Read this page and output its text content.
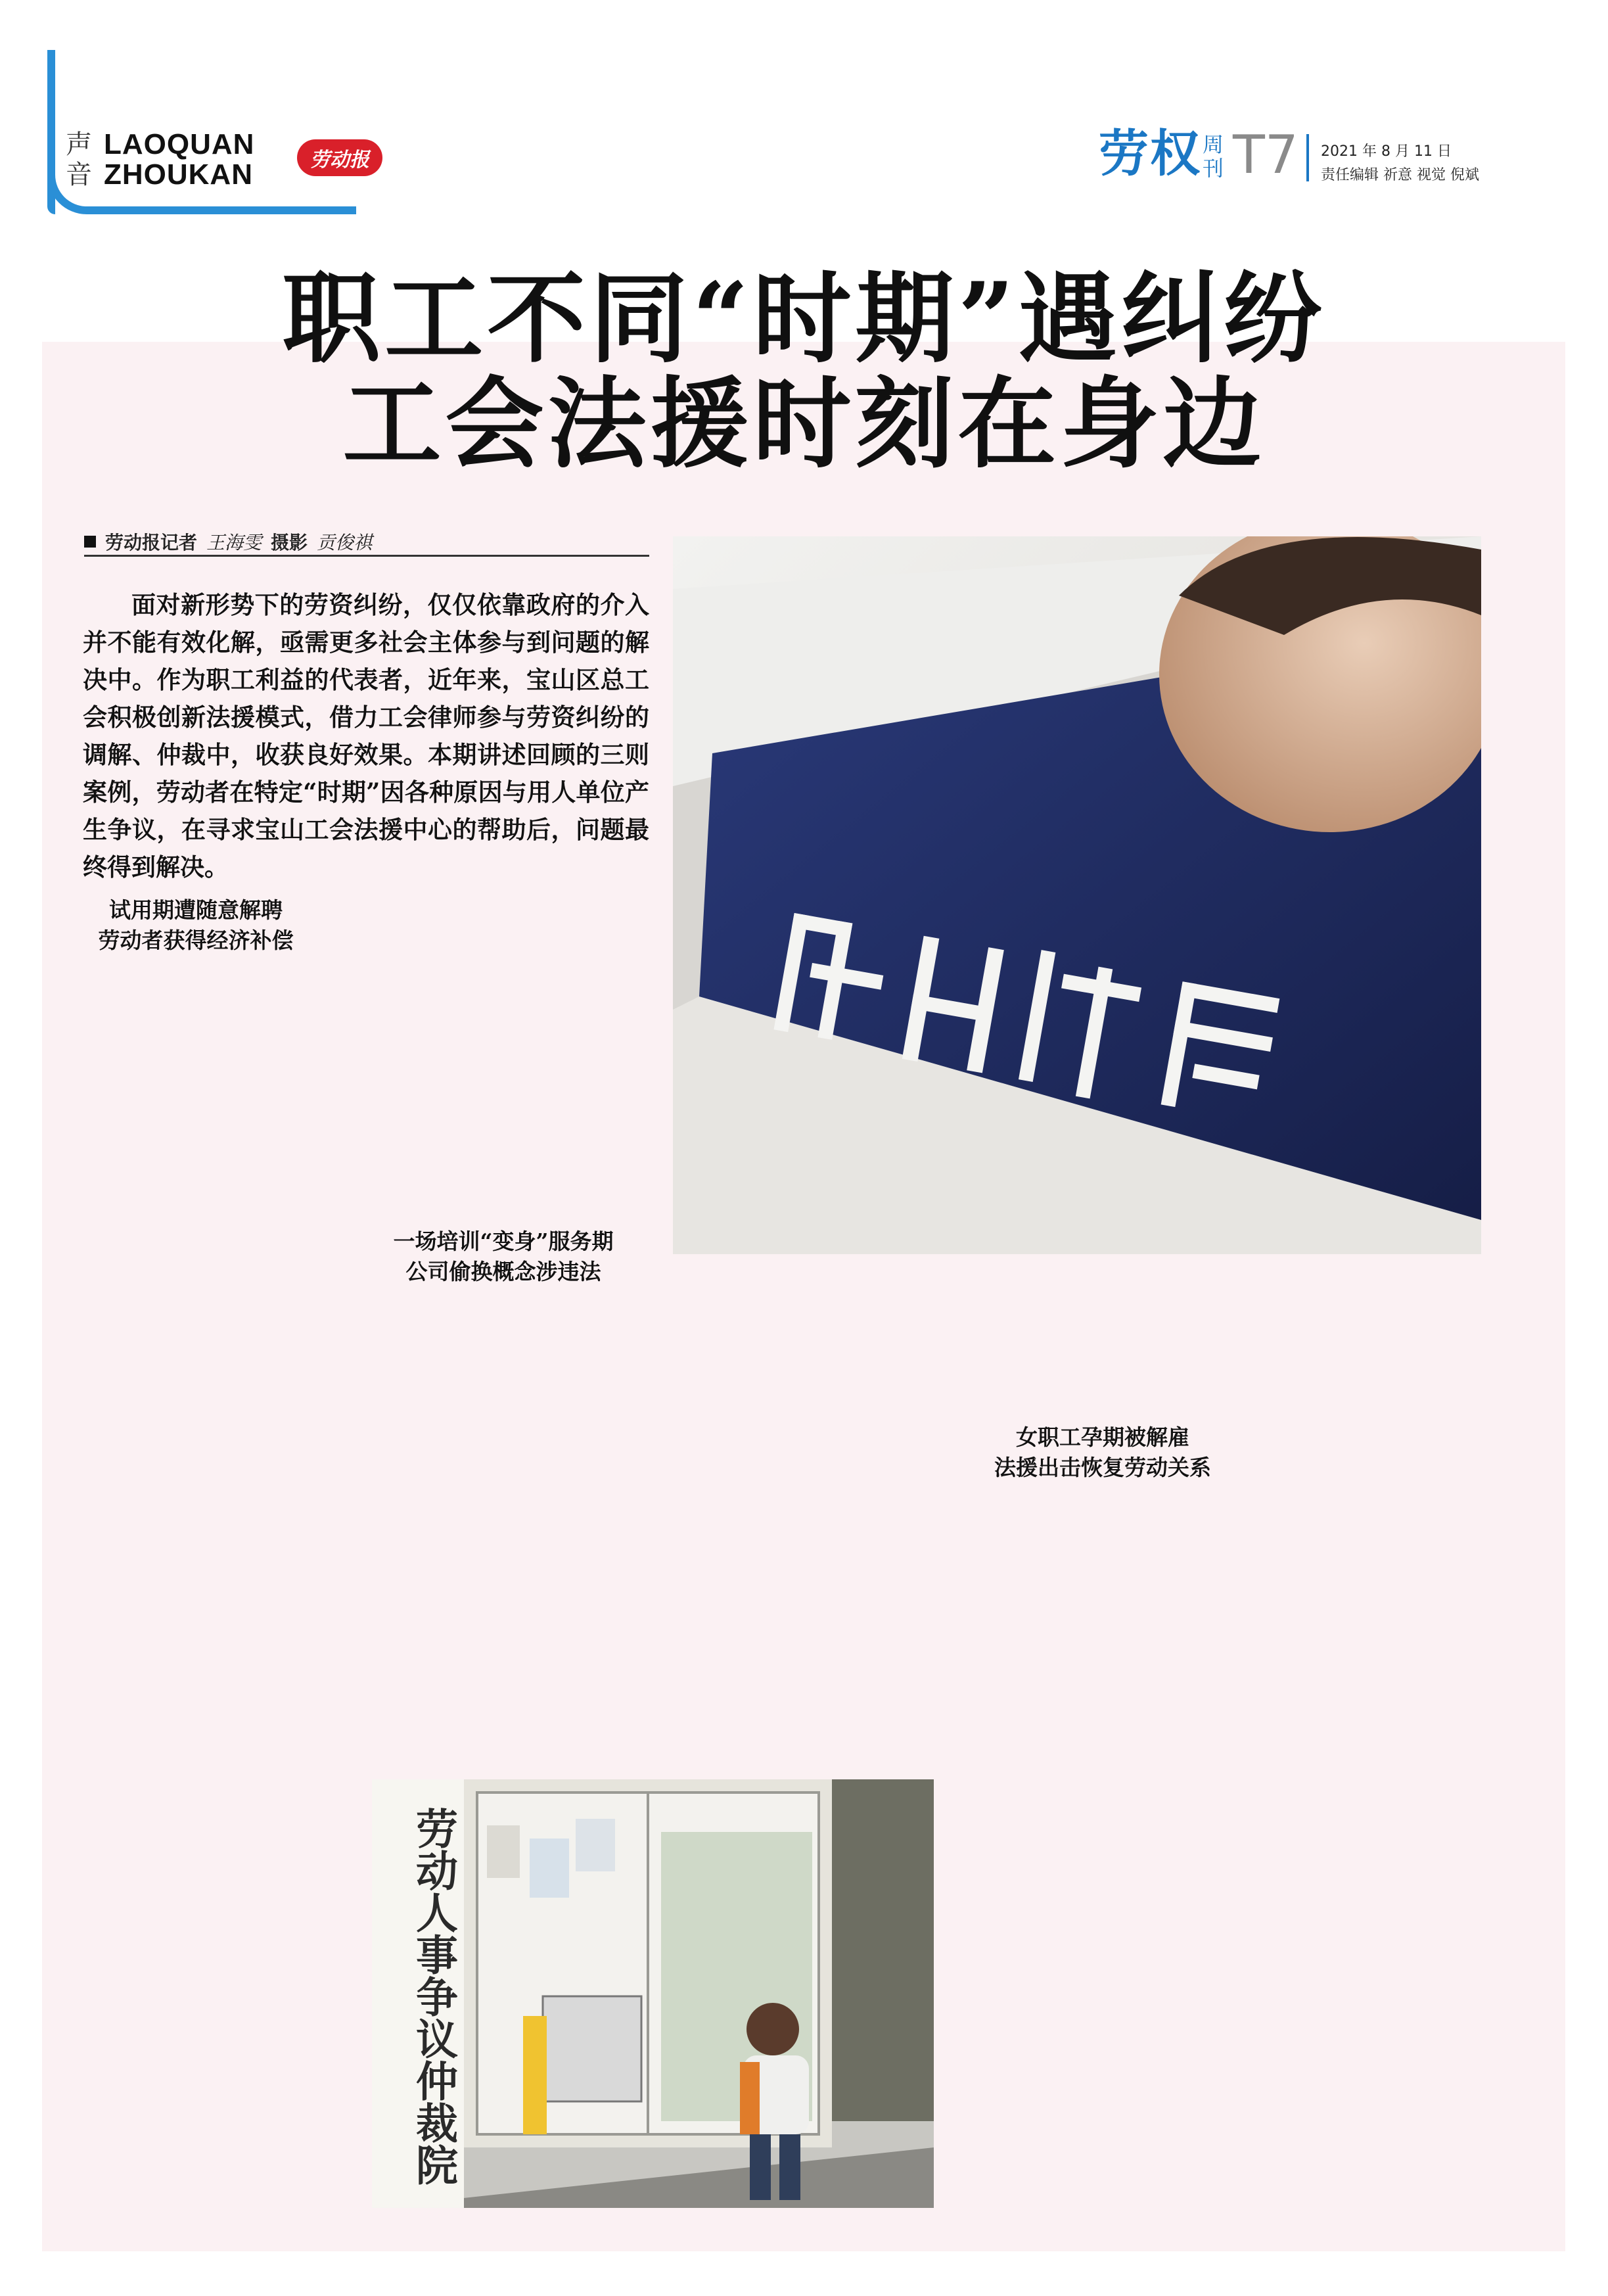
声
音
LAOQUAN
ZHOUKAN	劳动报	劳权 周
刊 T7 2021 年 8 月 11 日
责任编辑 祈意 视觉 倪斌
职工不同“时期”遇纠纷
工会法援时刻在身边
劳动报记者 王海雯 摄影 贡俊祺

面对新形势下的劳资纠纷，仅仅依靠政府的介入并不能有效化解，亟需更多社会主体参与到问题的解决中。作为职工利益的代表者，近年来，宝山区总工会积极创新法援模式，借力工会律师参与劳资纠纷的调解、仲裁中，收获良好效果。本期讲述回顾的三则案例，劳动者在特定“时期”因各种原因与用人单位产生争议，在寻求宝山工会法援中心的帮助后，问题最终得到解决。

劳动人事争议仲裁院
试用期遭随意解聘
劳动者获得经济补偿
一场培训“变身”服务期
公司偷换概念涉违法
女职工孕期被解雇
法援出击恢复劳动关系
